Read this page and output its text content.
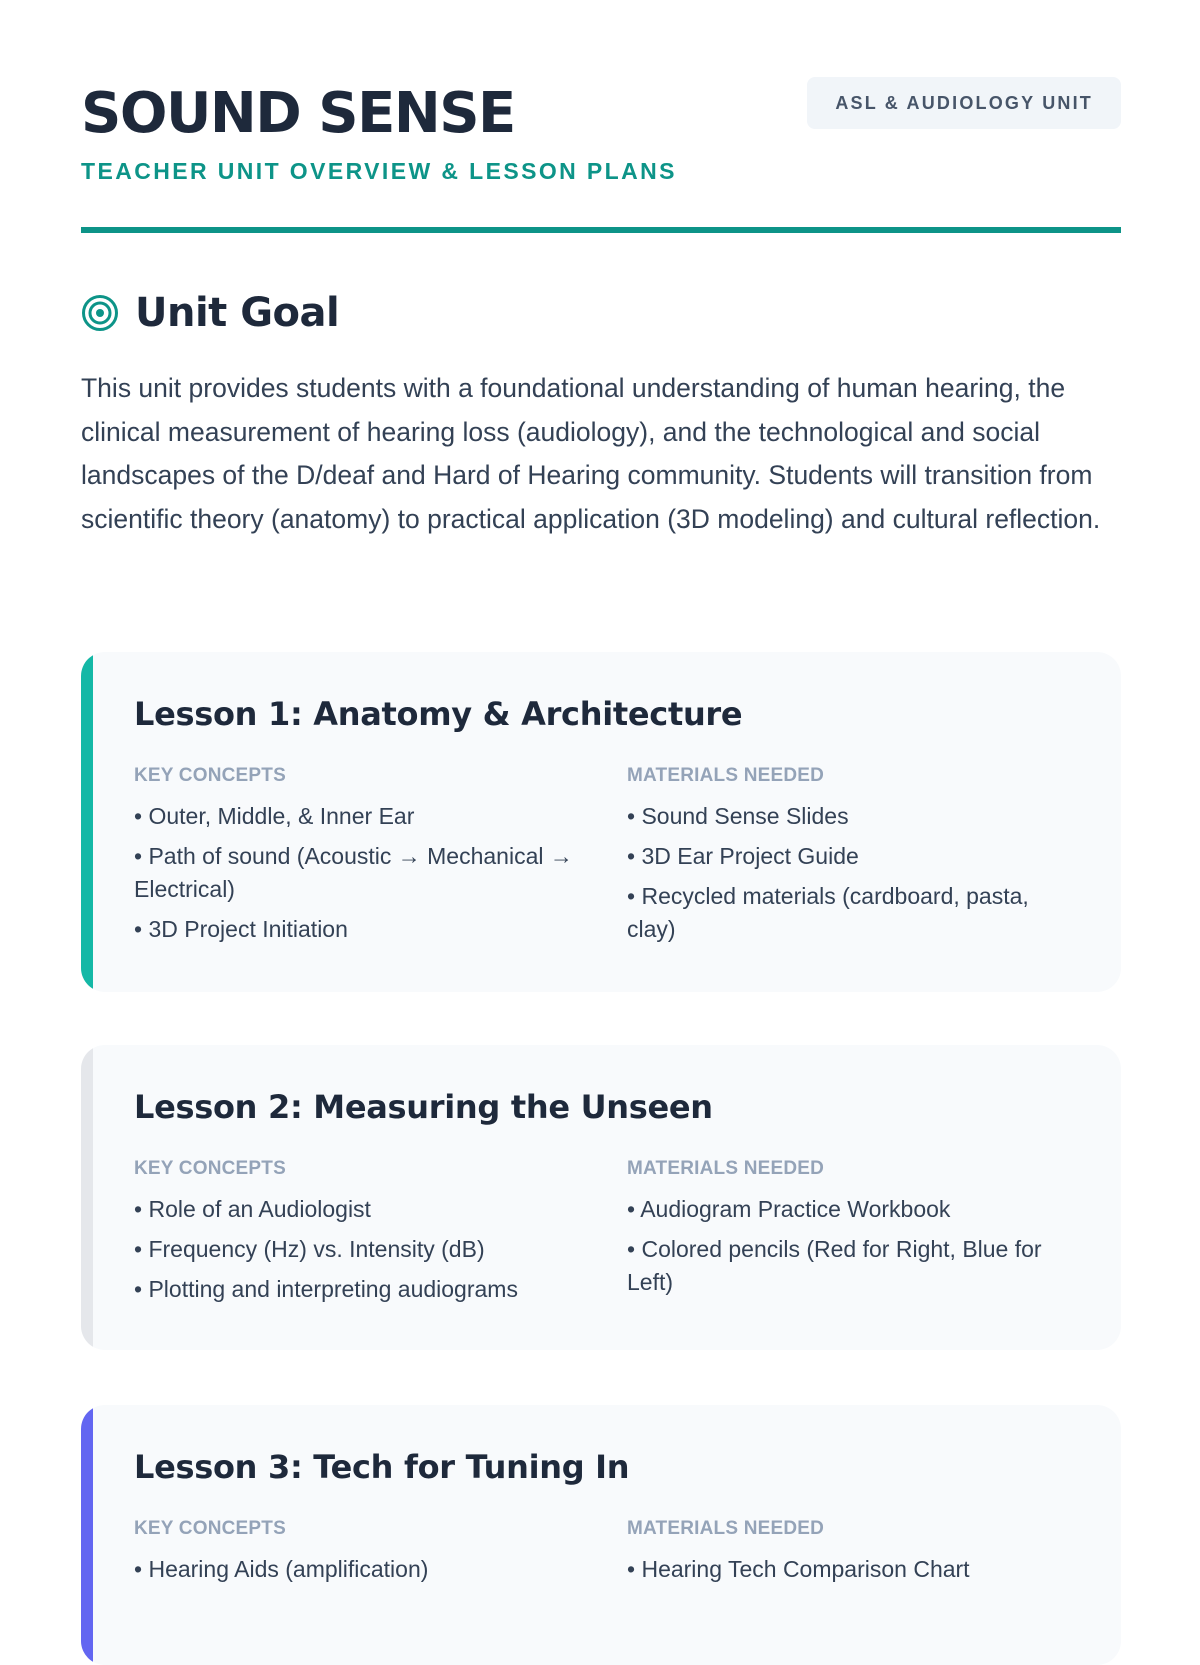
SOUND SENSE
TEACHER UNIT OVERVIEW & LESSON PLANS
ASL & AUDIOLOGY UNIT
Unit Goal

This unit provides students with a foundational understanding of human hearing, the clinical measurement of hearing loss (audiology), and the technological and social landscapes of the D/deaf and Hard of Hearing community. Students will transition from scientific theory (anatomy) to practical application (3D modeling) and cultural reflection.

Lesson 1: Anatomy & Architecture
KEY CONCEPTS
• Outer, Middle, & Inner Ear
• Path of sound (Acoustic → Mechanical → Electrical)
• 3D Project Initiation
MATERIALS NEEDED
• Sound Sense Slides
• 3D Ear Project Guide
• Recycled materials (cardboard, pasta, clay)
Lesson 2: Measuring the Unseen
KEY CONCEPTS
• Role of an Audiologist
• Frequency (Hz) vs. Intensity (dB)
• Plotting and interpreting audiograms
MATERIALS NEEDED
• Audiogram Practice Workbook
• Colored pencils (Red for Right, Blue for Left)
Lesson 3: Tech for Tuning In
KEY CONCEPTS
• Hearing Aids (amplification)
MATERIALS NEEDED
• Hearing Tech Comparison Chart
